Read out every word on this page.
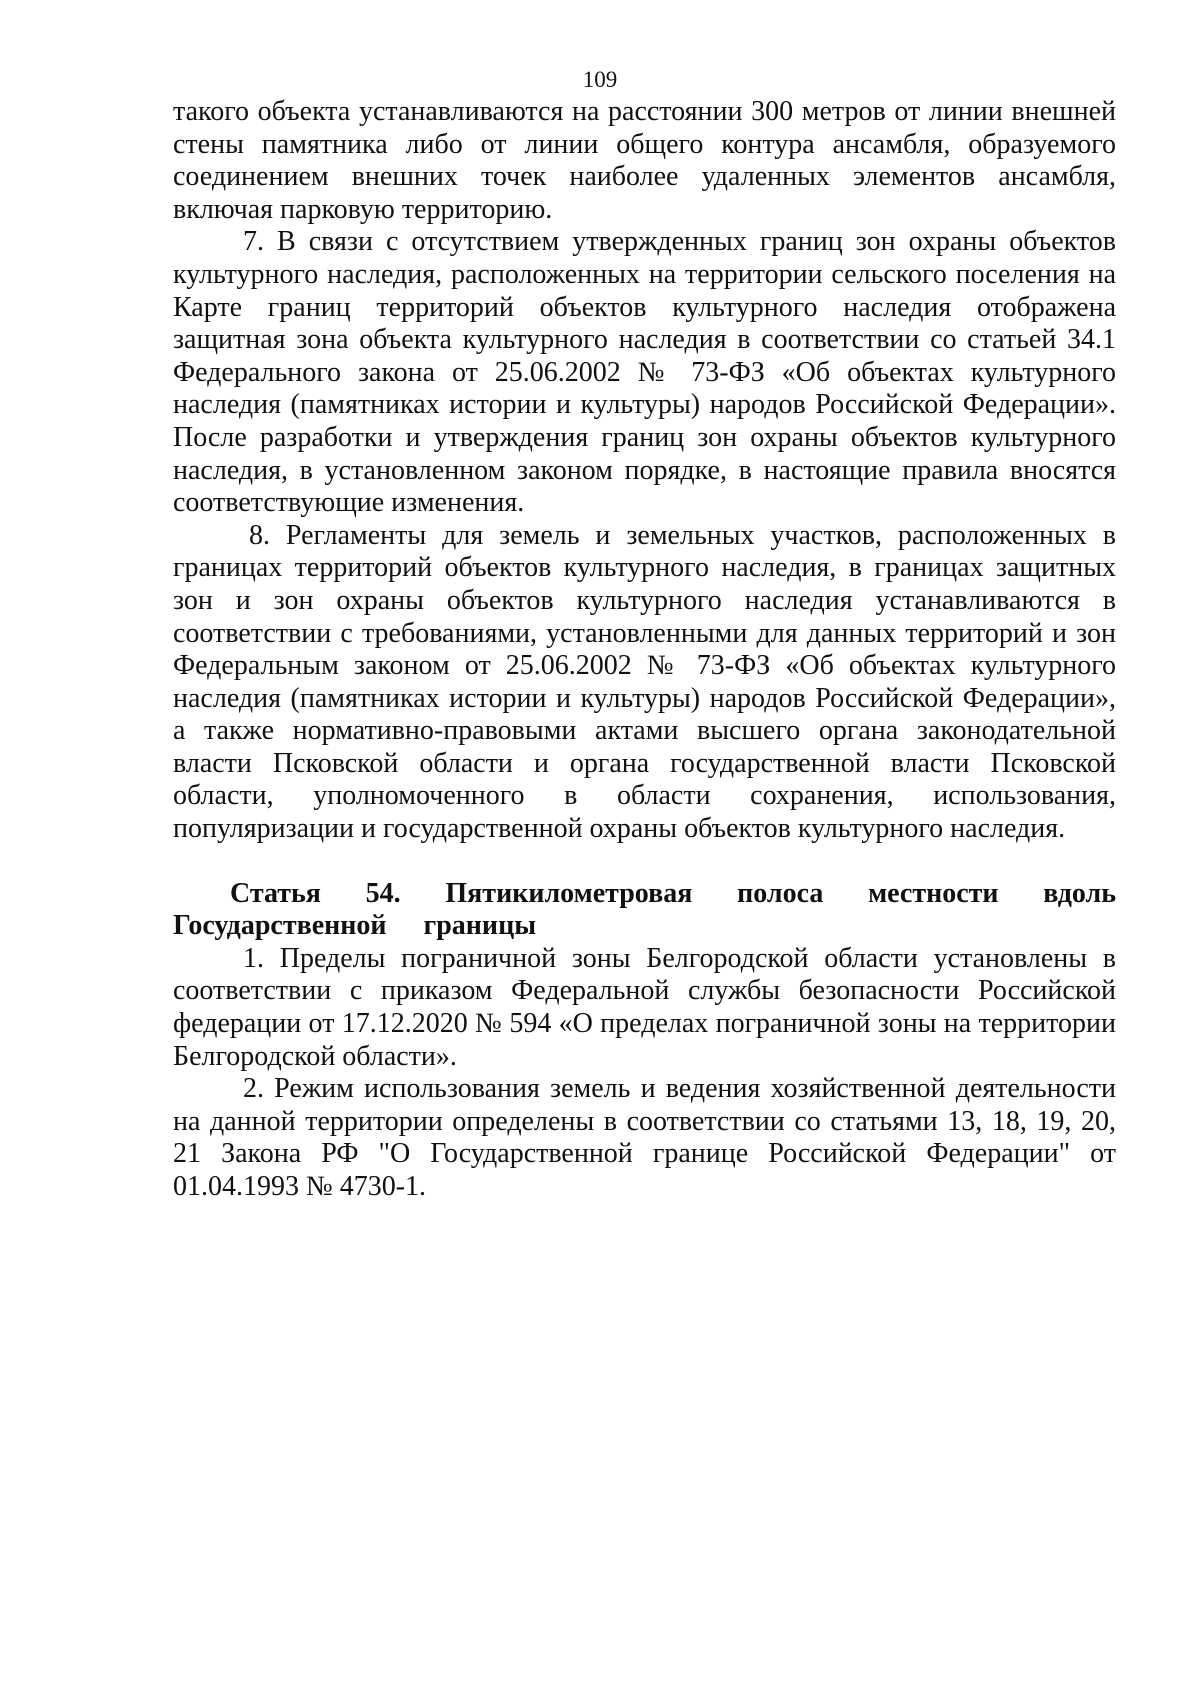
109

такого объекта устанавливаются на расстоянии 300 метров от линии внешней стены памятника либо от линии общего контура ансамбля, образуемого соединением внешних точек наиболее удаленных элементов ансамбля, включая парковую территорию.

7. В связи с отсутствием утвержденных границ зон охраны объектов культурного наследия, расположенных на территории сельского поселения на Карте границ территорий объектов культурного наследия отображена защитная зона объекта культурного наследия в соответствии со статьей 34.1 Федерального закона от 25.06.2002 № 73-ФЗ «Об объектах культурного наследия (памятниках истории и культуры) народов Российской Федерации». После разработки и утверждения границ зон охраны объектов культурного наследия, в установленном законом порядке, в настоящие правила вносятся соответствующие изменения.

8. Регламенты для земель и земельных участков, расположенных в границах территорий объектов культурного наследия, в границах защитных зон и зон охраны объектов культурного наследия устанавливаются в соответствии с требованиями, установленными для данных территорий и зон Федеральным законом от 25.06.2002 № 73-ФЗ «Об объектах культурного наследия (памятниках истории и культуры) народов Российской Федерации», а также нормативно-правовыми актами высшего органа законодательной власти Псковской области и органа государственной власти Псковской области, уполномоченного в области сохранения, использования, популяризации и государственной охраны объектов культурного наследия.

Статья 54. Пятикилометровая полоса местности вдоль Государственной границы

1. Пределы пограничной зоны Белгородской области установлены в соответствии с приказом Федеральной службы безопасности Российской федерации от 17.12.2020 № 594 «О пределах пограничной зоны на территории Белгородской области».

2. Режим использования земель и ведения хозяйственной деятельности на данной территории определены в соответствии со статьями 13, 18, 19, 20, 21 Закона РФ "О Государственной границе Российской Федерации" от 01.04.1993 № 4730-1.
